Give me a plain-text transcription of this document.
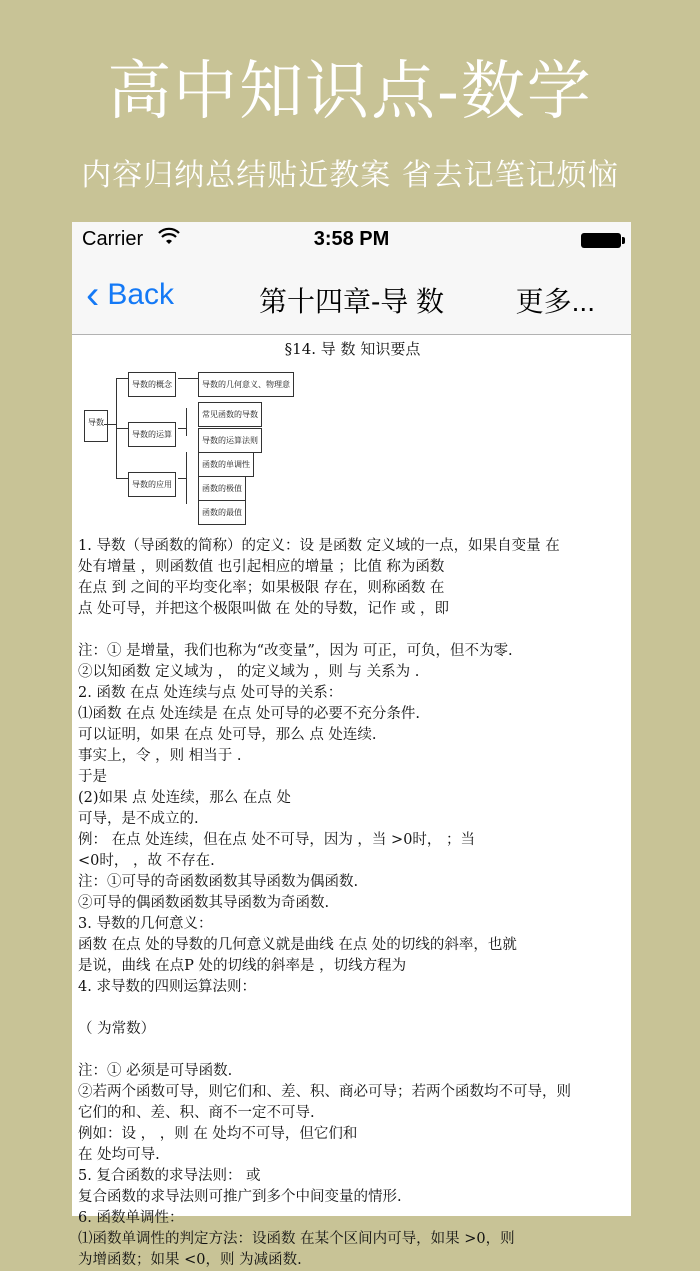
高中知识点-数学
内容归纳总结贴近教案 省去记笔记烦恼
Carrier	3:58 PM
‹ Back	第十四章-导 数	更多...
§14. 导 数 知识要点
导数
导数的概念
导数的运算
导数的应用
导数的几何意义、物理意
常见函数的导数
导数的运算法则
函数的单调性
函数的极值
函数的最值

1. 导数（导函数的简称）的定义：设 是函数 定义域的一点，如果自变量 在

处有增量 ，则函数值 也引起相应的增量 ；比值 称为函数

在点 到 之间的平均变化率；如果极限 存在，则称函数 在

点 处可导，并把这个极限叫做 在 处的导数，记作 或 ，即

注：① 是增量，我们也称为“改变量”，因为 可正，可负，但不为零.

②以知函数 定义域为 ， 的定义域为 ，则 与 关系为 .

2. 函数 在点 处连续与点 处可导的关系：

⑴函数 在点 处连续是 在点 处可导的必要不充分条件.

可以证明，如果 在点 处可导，那么 点 处连续.

事实上，令 ，则 相当于 .

于是

(2)如果 点 处连续，那么 在点 处

可导，是不成立的.

例： 在点 处连续，但在点 处不可导，因为 ，当 >0时， ；当

<0时， ，故 不存在.

注：①可导的奇函数函数其导函数为偶函数.

②可导的偶函数函数其导函数为奇函数.

3. 导数的几何意义：

函数 在点 处的导数的几何意义就是曲线 在点 处的切线的斜率，也就

是说，曲线 在点P 处的切线的斜率是 ，切线方程为

4. 求导数的四则运算法则：

（ 为常数）

注：① 必须是可导函数.

②若两个函数可导，则它们和、差、积、商必可导；若两个函数均不可导，则

它们的和、差、积、商不一定不可导.

例如：设 ， ，则 在 处均不可导，但它们和

在 处均可导.

5. 复合函数的求导法则： 或

复合函数的求导法则可推广到多个中间变量的情形.

6. 函数单调性：

⑴函数单调性的判定方法：设函数 在某个区间内可导，如果 >0，则

为增函数；如果 <0，则 为减函数.
